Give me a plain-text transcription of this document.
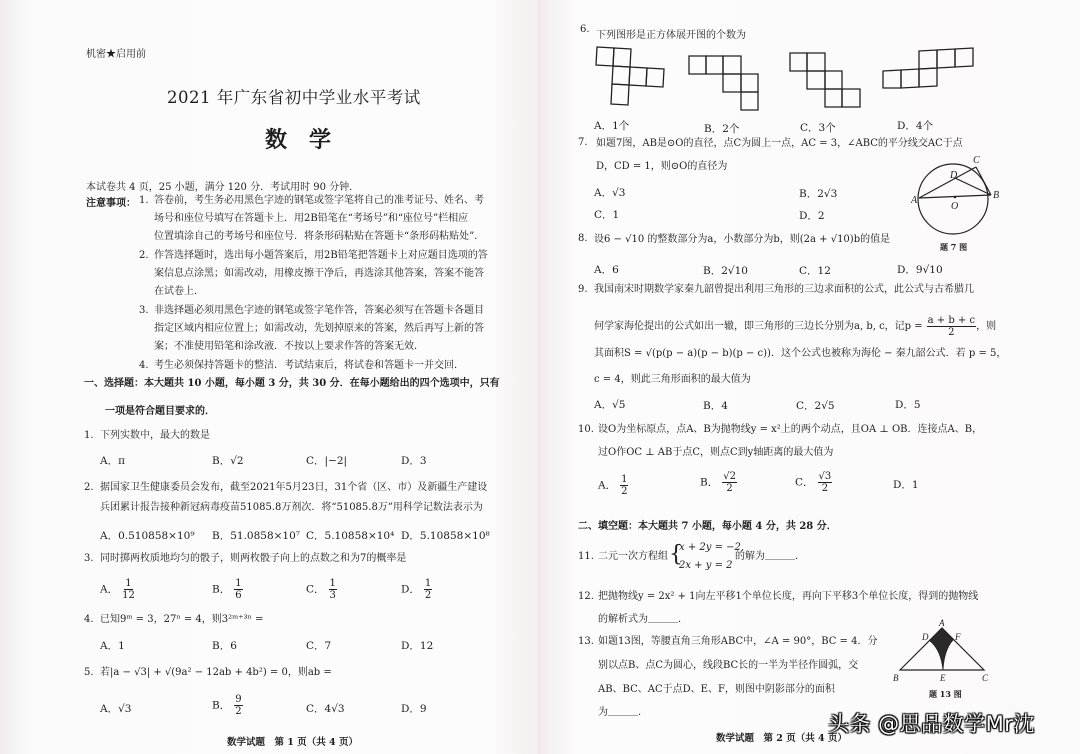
机密★启用前
2021 年广东省初中学业水平考试
数学
本试卷共 4 页，25 小题，满分 120 分．考试用时 90 分钟．
注意事项： 1. 答卷前，考生务必用黑色字迹的钢笔或签字笔将自己的准考证号、姓名、考
场号和座位号填写在答题卡上．用2B铅笔在“考场号”和“座位号”栏相应
位置填涂自己的考场号和座位号．将条形码粘贴在答题卡“条形码粘贴处”．
2. 作答选择题时，选出每小题答案后，用2B铅笔把答题卡上对应题目选项的答
案信息点涂黑；如需改动，用橡皮擦干净后，再选涂其他答案，答案不能答
在试卷上．
3. 非选择题必须用黑色字迹的钢笔或签字笔作答，答案必须写在答题卡各题目
指定区域内相应位置上；如需改动，先划掉原来的答案，然后再写上新的答
案；不准使用铅笔和涂改液．不按以上要求作答的答案无效．
4. 考生必须保持答题卡的整洁．考试结束后，将试卷和答题卡一并交回．
一、选择题：本大题共 10 小题，每小题 3 分，共 30 分．在每小题给出的四个选项中，只有
一项是符合题目要求的．
1. 下列实数中，最大的数是
A．π	B．√2	C．|−2|	D．3
2. 据国家卫生健康委员会发布，截至2021年5月23日，31个省（区、市）及新疆生产建设
兵团累计报告接种新冠病毒疫苗51085.8万剂次．将“51085.8万”用科学记数法表示为
A．0.510858×10⁹ B．51.0858×10⁷ C．5.10858×10⁴ D．5.10858×10⁸
3. 同时掷两枚质地均匀的骰子，则两枚骰子向上的点数之和为7的概率是
A． $\frac{1}{12}$	B． $\frac{1}{6}$	C． $\frac{1}{3}$	D． $\frac{1}{2}$
4. 已知9ᵐ = 3，27ⁿ = 4，则3²ᵐ⁺³ⁿ =
A．1	B．6	C．7	D．12
5. 若|a − √3| + √(9a² − 12ab + 4b²) = 0，则ab =
A．√3	B． $\frac{9}{2}$	C．4√3	D．9
数学试题　第 1 页（共 4 页）
6.
下列图形是正方体展开图的个数为
A．1个	B．2个	C．3个	D．4个
7. 如题7图，AB是⊙O的直径，点C为圆上一点，AC = 3，∠ABC的平分线交AC于点
D，CD = 1，则⊙O的直径为
A．√3	B．2√3
C．1	D．2
A	B
C
D
O
题 7 图
8. 设6 − √10 的整数部分为a，小数部分为b，则(2a + √10)b的值是
A．6	B．2√10	C．12	D．9√10
9. 我国南宋时期数学家秦九韶曾提出利用三角形的三边求面积的公式，此公式与古希腊几
何学家海伦提出的公式如出一辙，即三角形的三边长分别为a, b, c，记$p = \frac{a + b + c}{2}$ ，则
其面积S = √(p(p − a)(p − b)(p − c))．这个公式也被称为海伦 − 秦九韶公式．若 p = 5，
c = 4，则此三角形面积的最大值为
A．√5	B．4	C．2√5	D．5
10. 设O为坐标原点，点A、B为抛物线y = x²上的两个动点，且OA ⊥ OB．连接点A、B，
过O作OC ⊥ AB于点C，则点C到y轴距离的最大值为
A． $\frac{1}{2}$	B． $\frac{√2}{2}$	C． $\frac{√3}{2}$	D．1
二、填空题：本大题共 7 小题，每小题 4 分，共 28 分．
11. 二元一次方程组 {
x + 2y = −2,
2x + y = 2
的解为＿＿＿．
12. 把抛物线y = 2x² + 1向左平移1个单位长度，再向下平移3个单位长度，得到的抛物线
的解析式为＿＿＿．
13. 如题13图，等腰直角三角形ABC中，∠A = 90°，BC = 4．分
别以点B、点C为圆心，线段BC长的一半为半径作圆弧，交
AB、BC、AC于点D、E、F，则图中阴影部分的面积
为＿＿＿．
A
B	C
D
E
F
题 13 图
数学试题　第 2 页（共 4 页）
头条 @思品数学Mr沈
